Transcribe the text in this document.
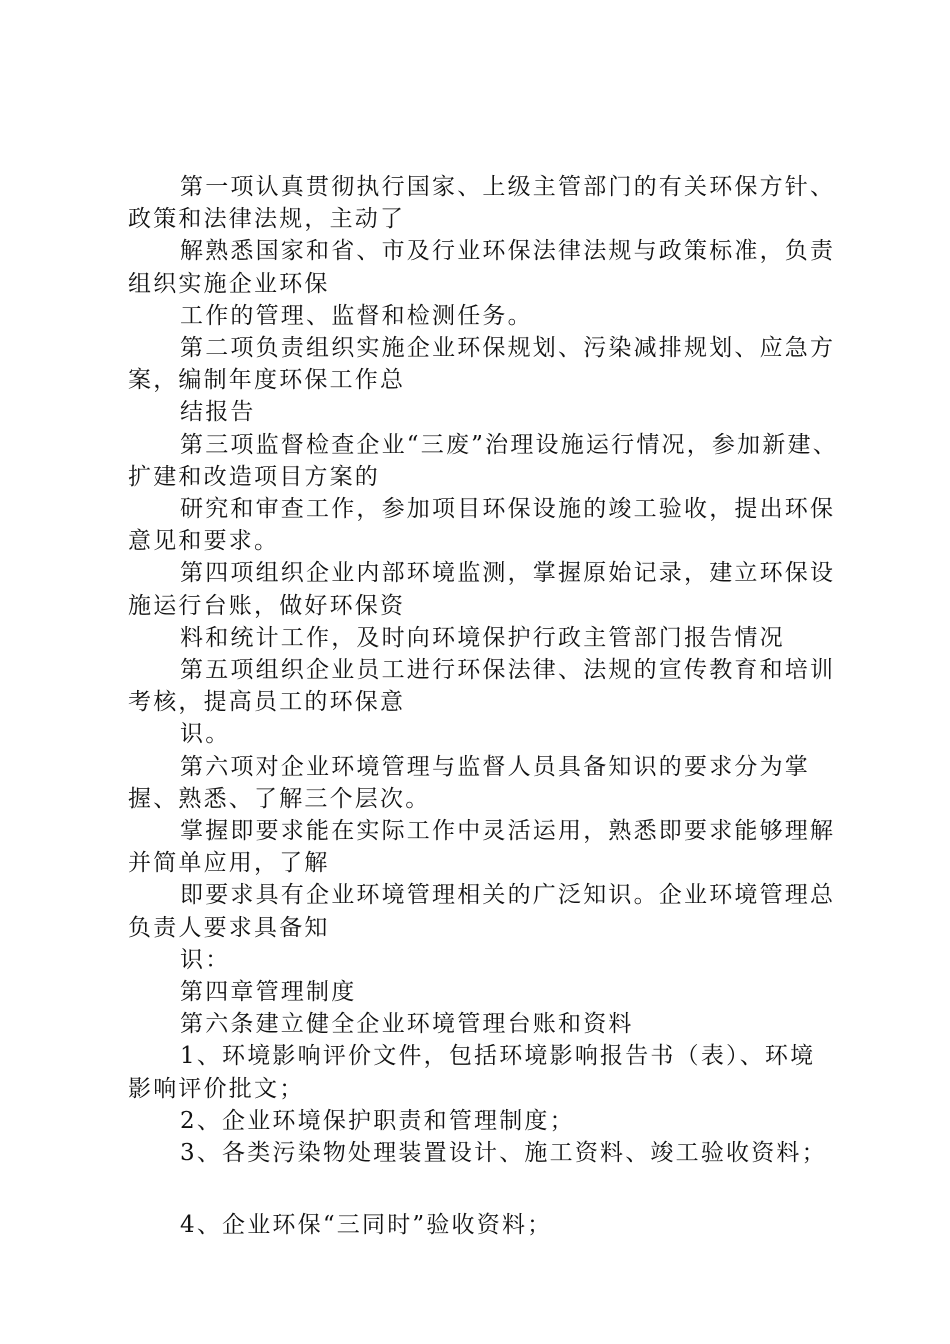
第一项认真贯彻执行国家、上级主管部门的有关环保方针、政策和法律法规，主动了

解熟悉国家和省、市及行业环保法律法规与政策标准，负责组织实施企业环保

工作的管理、监督和检测任务。

第二项负责组织实施企业环保规划、污染减排规划、应急方案，编制年度环保工作总

结报告

第三项监督检查企业“三废”治理设施运行情况，参加新建、扩建和改造项目方案的

研究和审查工作，参加项目环保设施的竣工验收，提出环保意见和要求。

第四项组织企业内部环境监测，掌握原始记录，建立环保设施运行台账，做好环保资

料和统计工作，及时向环境保护行政主管部门报告情况

第五项组织企业员工进行环保法律、法规的宣传教育和培训考核，提高员工的环保意

识。

第六项对企业环境管理与监督人员具备知识的要求分为掌握、熟悉、了解三个层次。

掌握即要求能在实际工作中灵活运用，熟悉即要求能够理解并简单应用，了解

即要求具有企业环境管理相关的广泛知识。企业环境管理总负责人要求具备知

识：

第四章管理制度

第六条建立健全企业环境管理台账和资料

1、环境影响评价文件，包括环境影响报告书（表）、环境影响评价批文；

2、企业环境保护职责和管理制度；

3、各类污染物处理装置设计、施工资料、竣工验收资料；

4、企业环保“三同时”验收资料；
